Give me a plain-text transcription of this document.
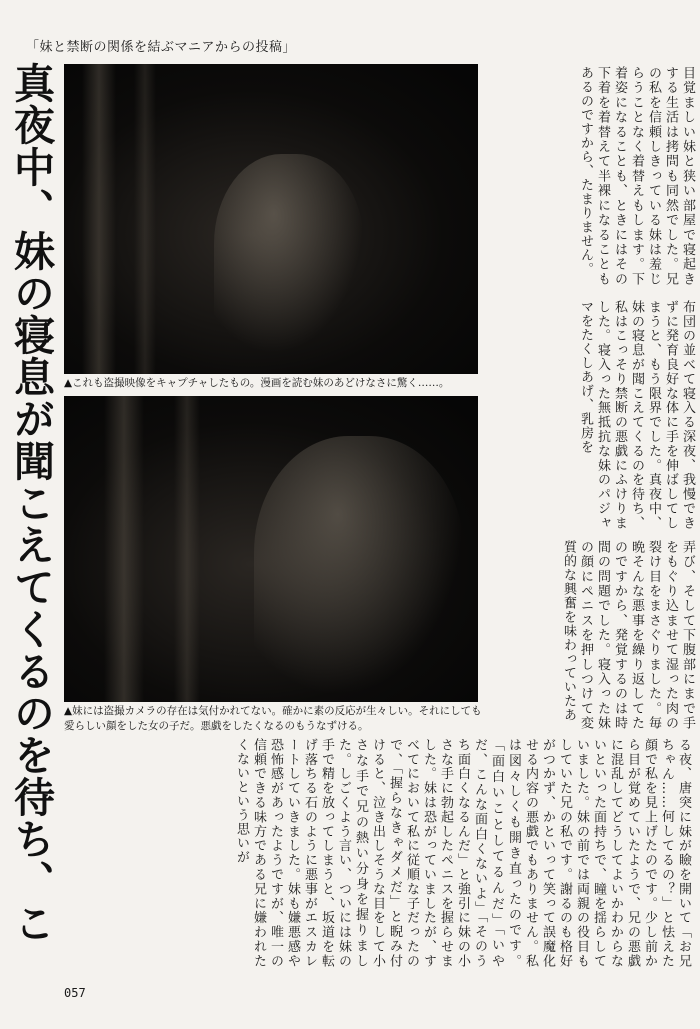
「妹と禁断の関係を結ぶマニアからの投稿」
真夜中、妹の寝息が聞こえてくるのを待ち、こ
▲これも盗撮映像をキャプチャしたもの。漫画を読む妹のあどけなさに驚く……。
▲妹には盗撮カメラの存在は気付かれてない。確かに素の反応が生々しい。それにしても愛らしい顔をした女の子だ。悪戯をしたくなるのもうなずける。
目覚ましい妹と狭い部屋で寝起きする生活は拷問も同然でした。兄の私を信頼しきっている妹は羞じらうことなく着替えもします。下着姿になることも、ときにはその下着を着替えて半裸になることもあるのですから、たまりません。
布団の並べて寝入る深夜、我慢できずに発育良好な体に手を伸ばしてしまうと、もう限界でした。真夜中、妹の寝息が聞こえてくるのを待ち、私はこっそり禁断の悪戯にふけりました。寝入った無抵抗な妹のパジャマをたくしあげ、乳房を
弄び、そして下腹部にまで手をもぐり込ませて湿った肉の裂け目をまさぐりました。毎晩そんな悪事を繰り返してたのですから、発覚するのは時間の問題でした。寝入った妹の顔にペニスを押しつけて変質的な興奮を味わっていたあ
る夜、唐突に妹が瞼を開いて「お兄ちゃん……何してるの？」と怯えた顔で私を見上げたのです。少し前から目が覚めていたようで、兄の悪戯に混乱してどうしてよいかわからないといった面持ちで、瞳を揺らしていました。妹の前では両親の役目もしていた兄の私です。謝るのも格好がつかず、かといって笑って誤魔化せる内容の悪戯でもありません。私は図々しくも開き直ったのです。「面白いことしてるんだ」「いやだ、こんな面白くないよ」「そのうち面白くなるんだ」と強引に妹の小さな手に勃起したペニスを握らせました。妹は恐がっていましたが、すべてにおいて私に従順な子だったので、「握らなきゃダメだ」と睨み付けると、泣き出しそうな目をして小さな手で兄の熱い分身を握りました。しごくよう言い、ついには妹の手で精を放ってしまうと、坂道を転げ落ちる石のように悪事がエスカレートしていきました。妹も嫌悪感や恐怖感があったようですが、唯一の信頼できる味方である兄に嫌われたくないという思いが
057
